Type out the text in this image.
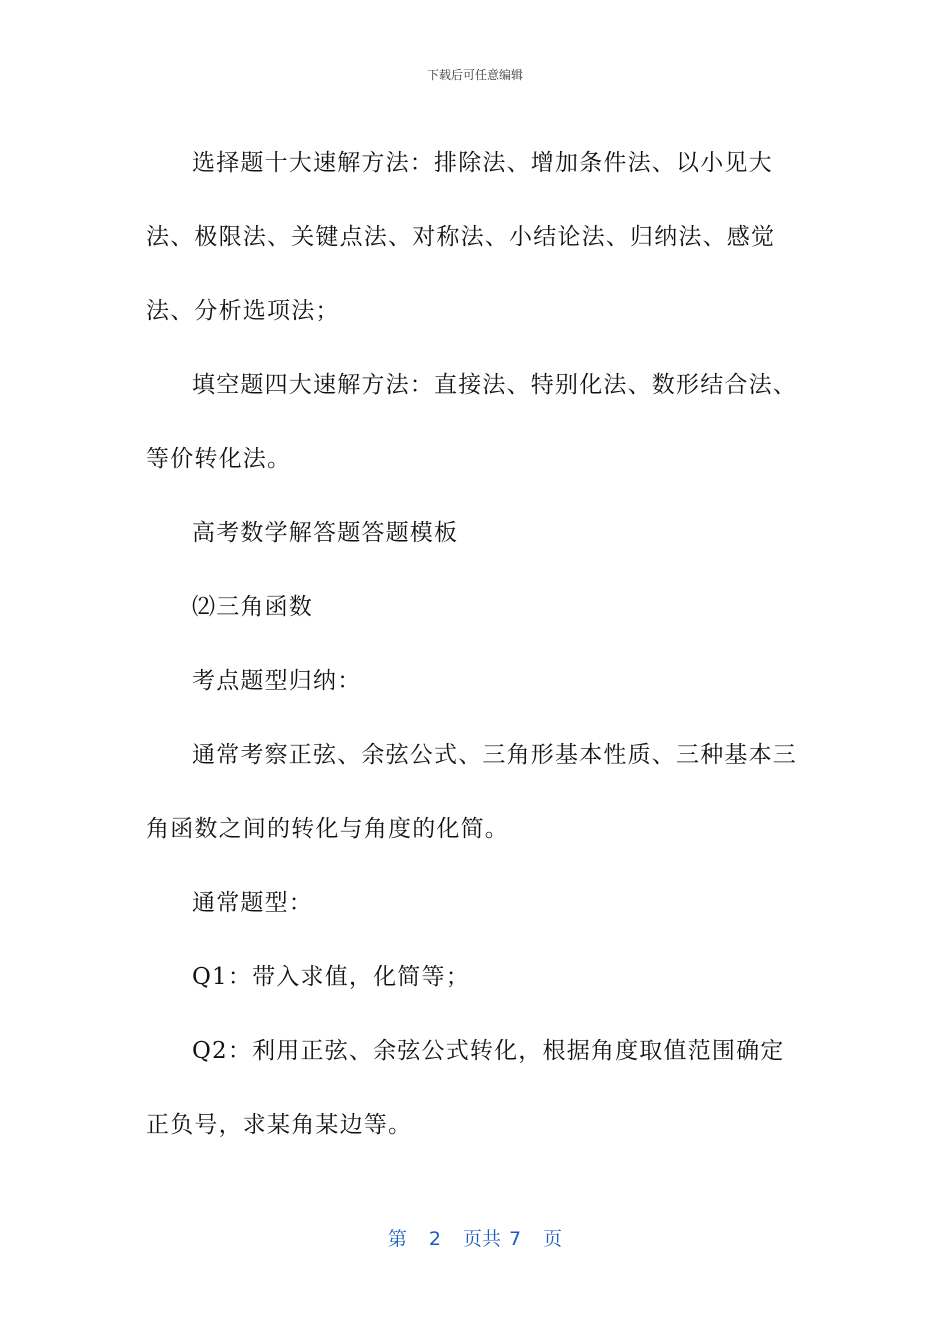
下载后可任意编辑

选择题十大速解方法：排除法、增加条件法、以小见大法、极限法、关键点法、对称法、小结论法、归纳法、感觉法、分析选项法；

填空题四大速解方法：直接法、特别化法、数形结合法、等价转化法。

高考数学解答题答题模板

⑵三角函数

考点题型归纳：

通常考察正弦、余弦公式、三角形基本性质、三种基本三角函数之间的转化与角度的化简。

通常题型：

Q1：带入求值，化简等；

Q2：利用正弦、余弦公式转化，根据角度取值范围确定正负号，求某角某边等。

第 2 页共 7 页
